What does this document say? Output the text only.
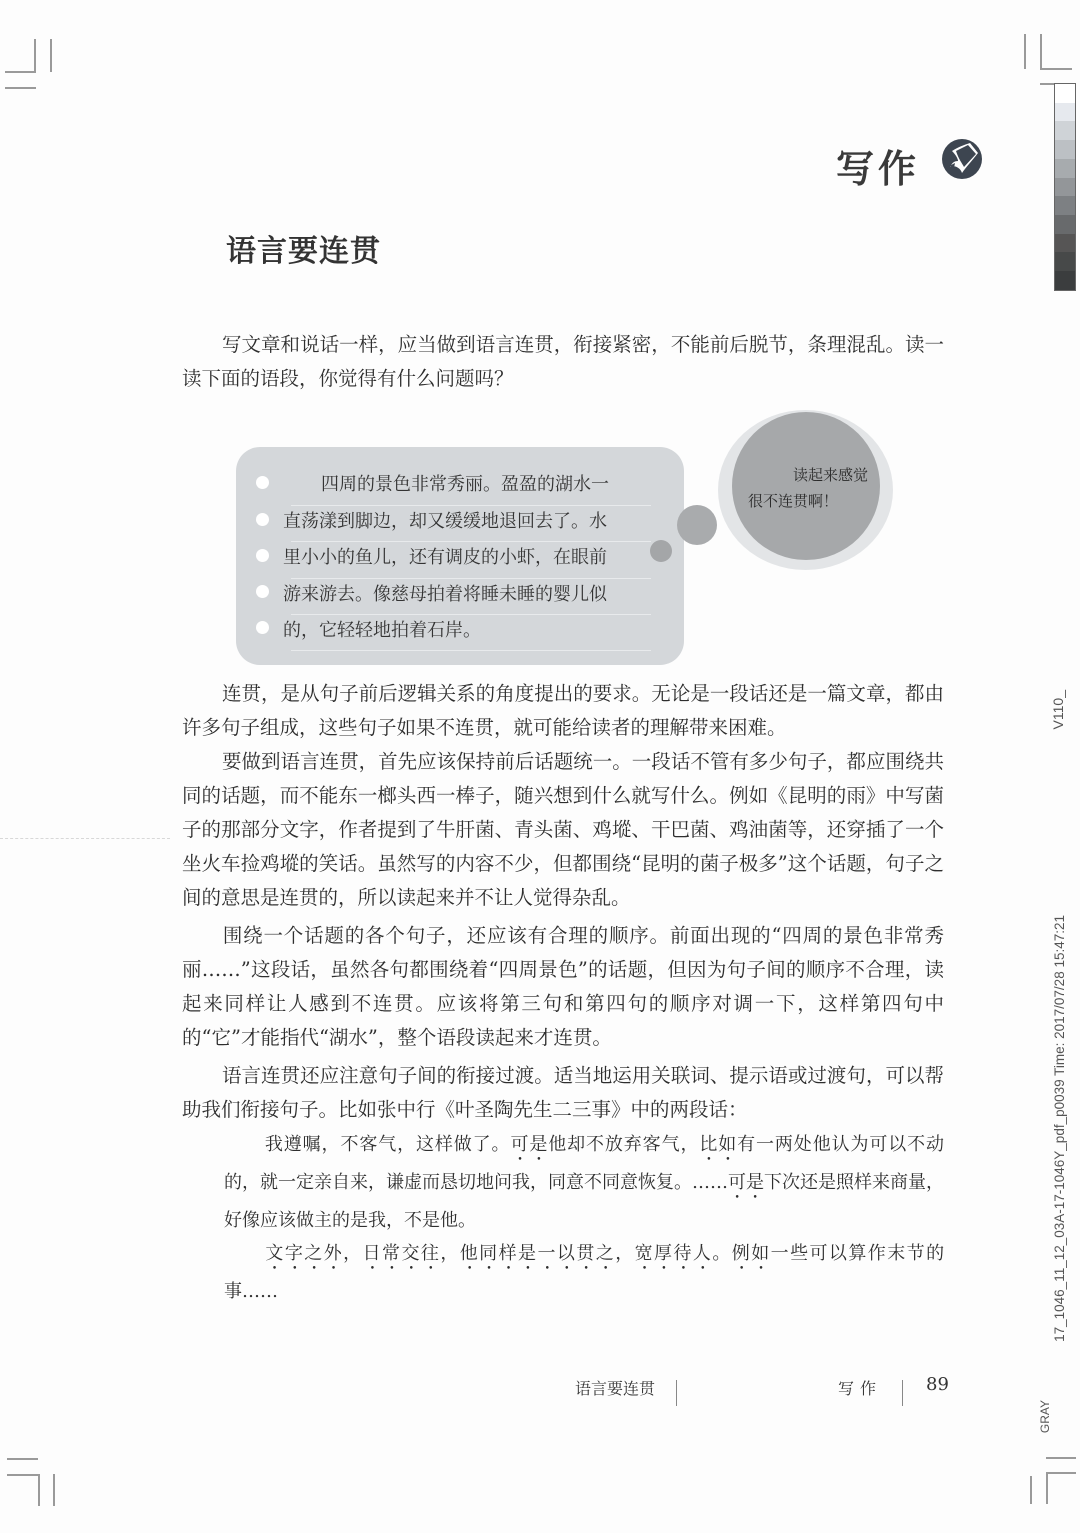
写作
语言要连贯
写文章和说话一样，应当做到语言连贯，衔接紧密，不能前后脱节，条理混乱。读一读下面的语段，你觉得有什么问题吗？
四周的景色非常秀丽。盈盈的湖水一
直荡漾到脚边，却又缓缓地退回去了。水
里小小的鱼儿，还有调皮的小虾，在眼前
游来游去。像慈母拍着将睡未睡的婴儿似
的，它轻轻地拍着石岸。
读起来感觉
很不连贯啊！
连贯，是从句子前后逻辑关系的角度提出的要求。无论是一段话还是一篇文章，都由许多句子组成，这些句子如果不连贯，就可能给读者的理解带来困难。
要做到语言连贯，首先应该保持前后话题统一。一段话不管有多少句子，都应围绕共同的话题，而不能东一榔头西一棒子，随兴想到什么就写什么。例如《昆明的雨》中写菌子的那部分文字，作者提到了牛肝菌、青头菌、鸡㙡、干巴菌、鸡油菌等，还穿插了一个坐火车捡鸡㙡的笑话。虽然写的内容不少，但都围绕“昆明的菌子极多”这个话题，句子之间的意思是连贯的，所以读起来并不让人觉得杂乱。
围绕一个话题的各个句子，还应该有合理的顺序。前面出现的“四周的景色非常秀丽……”这段话，虽然各句都围绕着“四周景色”的话题，但因为句子间的顺序不合理，读起来同样让人感到不连贯。应该将第三句和第四句的顺序对调一下，这样第四句中的“它”才能指代“湖水”，整个语段读起来才连贯。
语言连贯还应注意句子间的衔接过渡。适当地运用关联词、提示语或过渡句，可以帮助我们衔接句子。比如张中行《叶圣陶先生二三事》中的两段话：
我遵嘱，不客气，这样做了。可是他却不放弃客气，比如有一两处他认为可以不动的，就一定亲自来，谦虚而恳切地问我，同意不同意恢复。……可是下次还是照样来商量，好像应该做主的是我，不是他。
文字之外，日常交往，他同样是一以贯之，宽厚待人。例如一些可以算作末节的事……
语言要连贯	写作 89
V110_
17_1046_11_12_03A-17-1046Y_pdf_p0039 Time: 2017/07/28 15:47:21
GRAY
